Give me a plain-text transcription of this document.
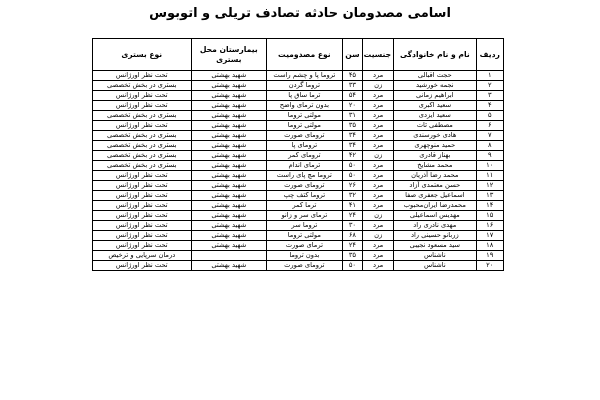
اسامی مصدومان حادثه تصادف تریلی و اتوبوس
ردیف	نام و نام خانوادگی	جنسیت	سن	نوع مصدومیت	بیمارستان محل بستری	نوع بستری
۱	حجت اقبالی	مرد	۴۵	تروما پا و چشم راست	شهید بهشتی	تحت نظر اورژانس
۲	نجمه خورشید	زن	۳۳	تروما گردن	شهید بهشتی	بستری در بخش تخصصی
۳	ابراهیم زمانی	مرد	۵۴	ترما ساق پا	شهید بهشتی	تحت نظر اورژانس
۴	سعید اکبری	مرد	۲۰	بدون ترمای واضح	شهید بهشتی	تحت نظر اورژانس
۵	سعید ایزدی	مرد	۳۱	مولتی تروما	شهید بهشتی	بستری در بخش تخصصی
۶	مصطفی ثات	مرد	۳۵	مولتی تروما	شهید بهشتی	تحت نظر اورژانس
۷	هادی خورسندی	مرد	۳۴	ترومای صورت	شهید بهشتی	بستری در بخش تخصصی
۸	حمید منوچهری	مرد	۳۴	ترومای پا	شهید بهشتی	بستری در بخش تخصصی
۹	بهناز قادری	زن	۴۲	ترومای کمر	شهید بهشتی	بستری در بخش تخصصی
۱۰	محمد مشایخ	مرد	۵۰	ترمای اندام	شهید بهشتی	بستری در بخش تخصصی
۱۱	محمد رضا آذریان	مرد	۵۰	تروما مچ پای راست	شهید بهشتی	تحت نظر اورژانس
۱۲	حسن معتمدی آزاد	مرد	۲۶	ترومای صورت	شهید بهشتی	تحت نظر اورژانس
۱۳	اسماعیل جعفری صفا	مرد	۳۲	تروما کتف چپ	شهید بهشتی	تحت نظر اورژانس
۱۴	محمدرضا ایران‌محبوب	مرد	۴۱	ترما کمر	شهید بهشتی	تحت نظر اورژانس
۱۵	مهدیس اسماعیلی	زن	۲۴	ترمای سر و زانو	شهید بهشتی	تحت نظر اورژانس
۱۶	مهدی نادری راد	مرد	۳۰	تروما سر	شهید بهشتی	تحت نظر اورژانس
۱۷	زربانو حسینی راد	زن	۶۸	مولتی تروما	شهید بهشتی	تحت نظر اورژانس
۱۸	سید مسعود نجیبی	مرد	۲۴	ترمای صورت	شهید بهشتی	تحت نظر اورژانس
۱۹	ناشناس	مرد	۳۵	بدون تروما		درمان سرپایی و ترخیص
۲۰	ناشناس	مرد	۵۰	ترومای صورت	شهید بهشتی	تحت نظر اورژانس
